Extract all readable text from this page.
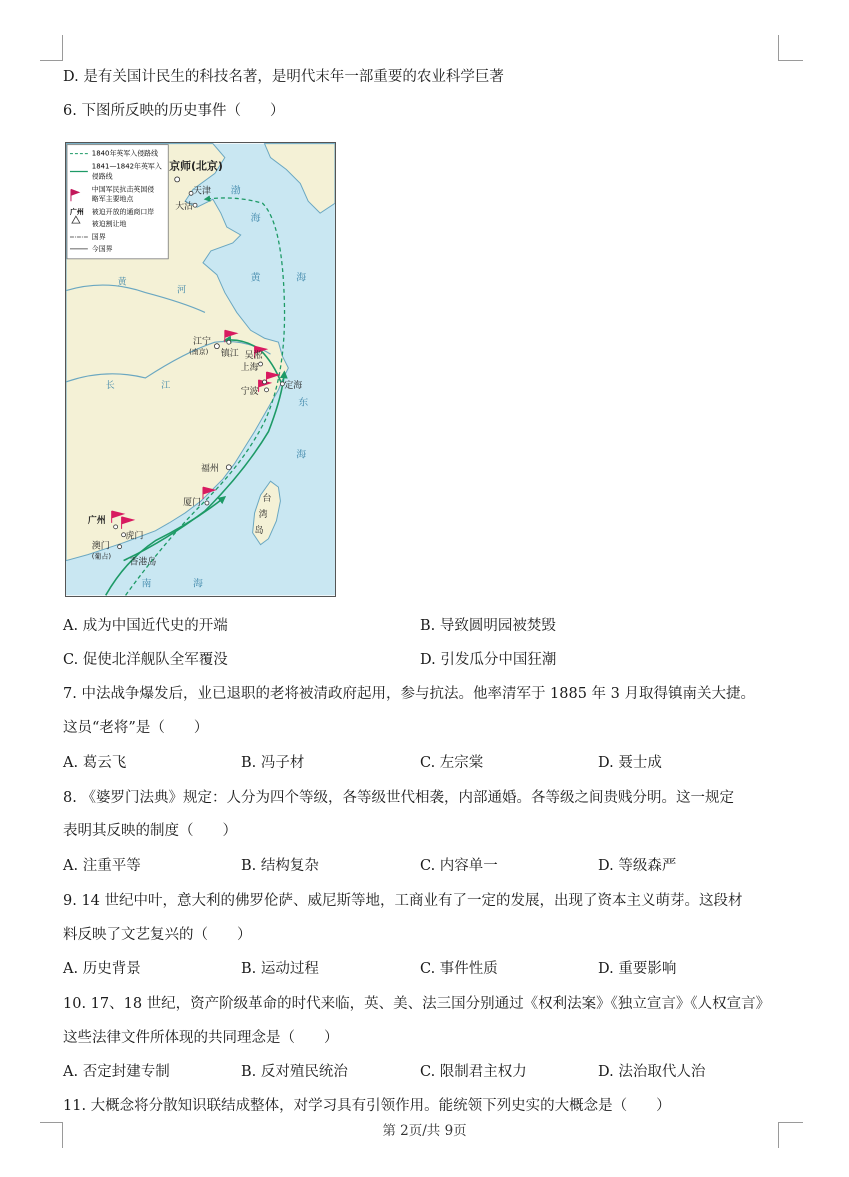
D. 是有关国计民生的科技名著，是明代末年一部重要的农业科学巨著
6. 下图所反映的历史事件（　　）
1840年英军入侵路线
1841—1842年英军入
侵路线
中国军民抗击英国侵
略军主要地点
广州 被迫开放的通商口岸
被迫割让地
国界
今国界
京师(北京)
天津
大沽
江宁
(南京) 镇江 吴淞
上海
宁波
定海
福州
厦门
广州
虎门
澳门
(葡占)
香港岛
渤
海
黄	海
东
海
南	海
黄
河
长	江
台
湾
岛
A. 成为中国近代史的开端	B. 导致圆明园被焚毁
C. 促使北洋舰队全军覆没	D. 引发瓜分中国狂潮
7. 中法战争爆发后，业已退职的老将被清政府起用，参与抗法。他率清军于 1885 年 3 月取得镇南关大捷。
这员“老将”是（　　）
A. 葛云飞	B. 冯子材	C. 左宗棠	D. 聂士成
8. 《婆罗门法典》规定：人分为四个等级，各等级世代相袭，内部通婚。各等级之间贵贱分明。这一规定
表明其反映的制度（　　）
A. 注重平等	B. 结构复杂	C. 内容单一	D. 等级森严
9. 14 世纪中叶，意大利的佛罗伦萨、威尼斯等地，工商业有了一定的发展，出现了资本主义萌芽。这段材
料反映了文艺复兴的（　　）
A. 历史背景	B. 运动过程	C. 事件性质	D. 重要影响
10. 17、18 世纪，资产阶级革命的时代来临，英、美、法三国分别通过《权利法案》《独立宣言》《人权宣言》
这些法律文件所体现的共同理念是（　　）
A. 否定封建专制	B. 反对殖民统治	C. 限制君主权力	D. 法治取代人治
11. 大概念将分散知识联结成整体，对学习具有引领作用。能统领下列史实的大概念是（　　）
第 2页/共 9页
